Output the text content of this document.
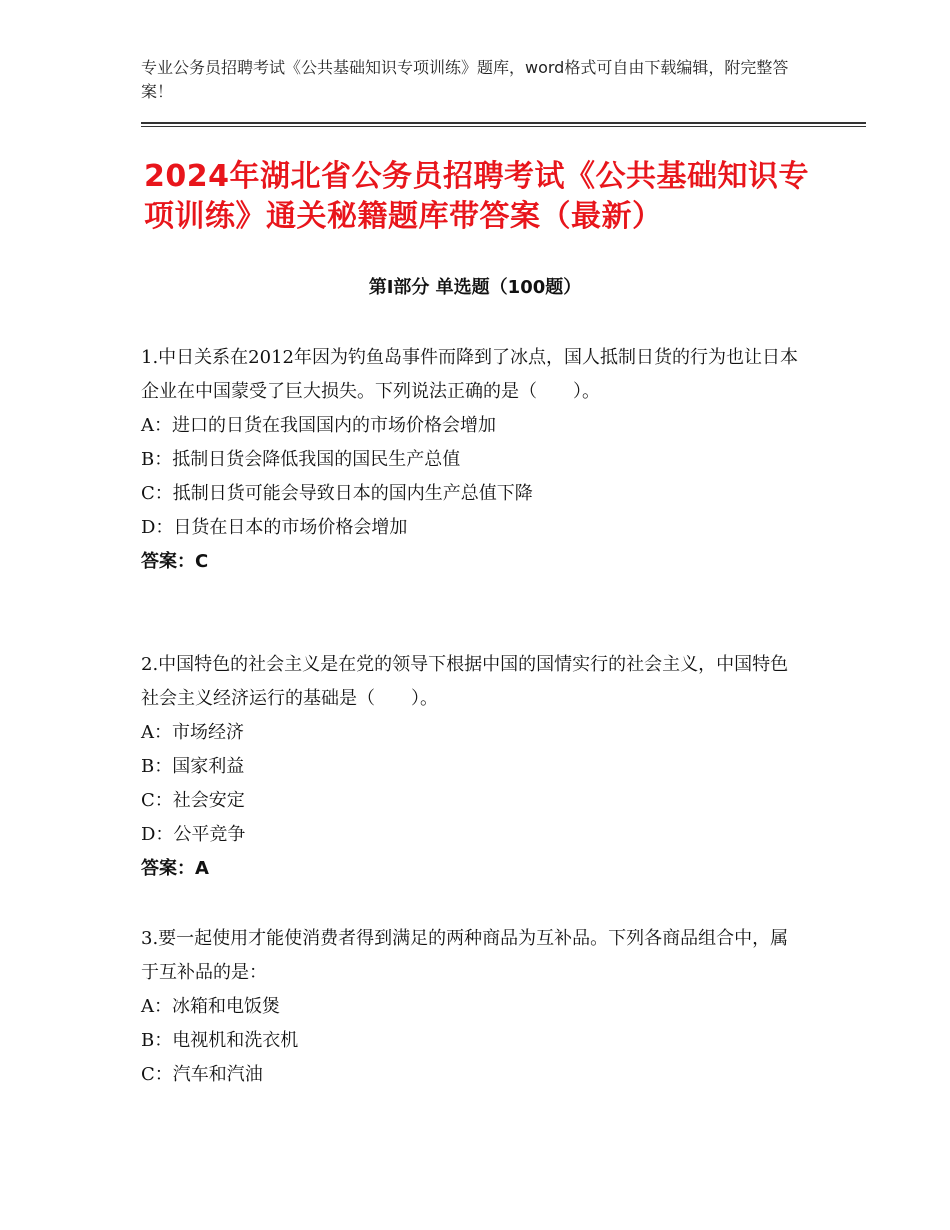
专业公务员招聘考试《公共基础知识专项训练》题库，word格式可自由下载编辑，附完整答案！
2024年湖北省公务员招聘考试《公共基础知识专项训练》通关秘籍题库带答案（最新）
第Ⅰ部分 单选题（100题）

1.中日关系在2012年因为钓鱼岛事件而降到了冰点，国人抵制日货的行为也让日本企业在中国蒙受了巨大损失。下列说法正确的是（　　）。

A：进口的日货在我国国内的市场价格会增加

B：抵制日货会降低我国的国民生产总值

C：抵制日货可能会导致日本的国内生产总值下降

D：日货在日本的市场价格会增加

答案：C

2.中国特色的社会主义是在党的领导下根据中国的国情实行的社会主义，中国特色社会主义经济运行的基础是（　　）。

A：市场经济

B：国家利益

C：社会安定

D：公平竞争

答案：A

3.要一起使用才能使消费者得到满足的两种商品为互补品。下列各商品组合中，属于互补品的是：

A：冰箱和电饭煲

B：电视机和洗衣机

C：汽车和汽油
